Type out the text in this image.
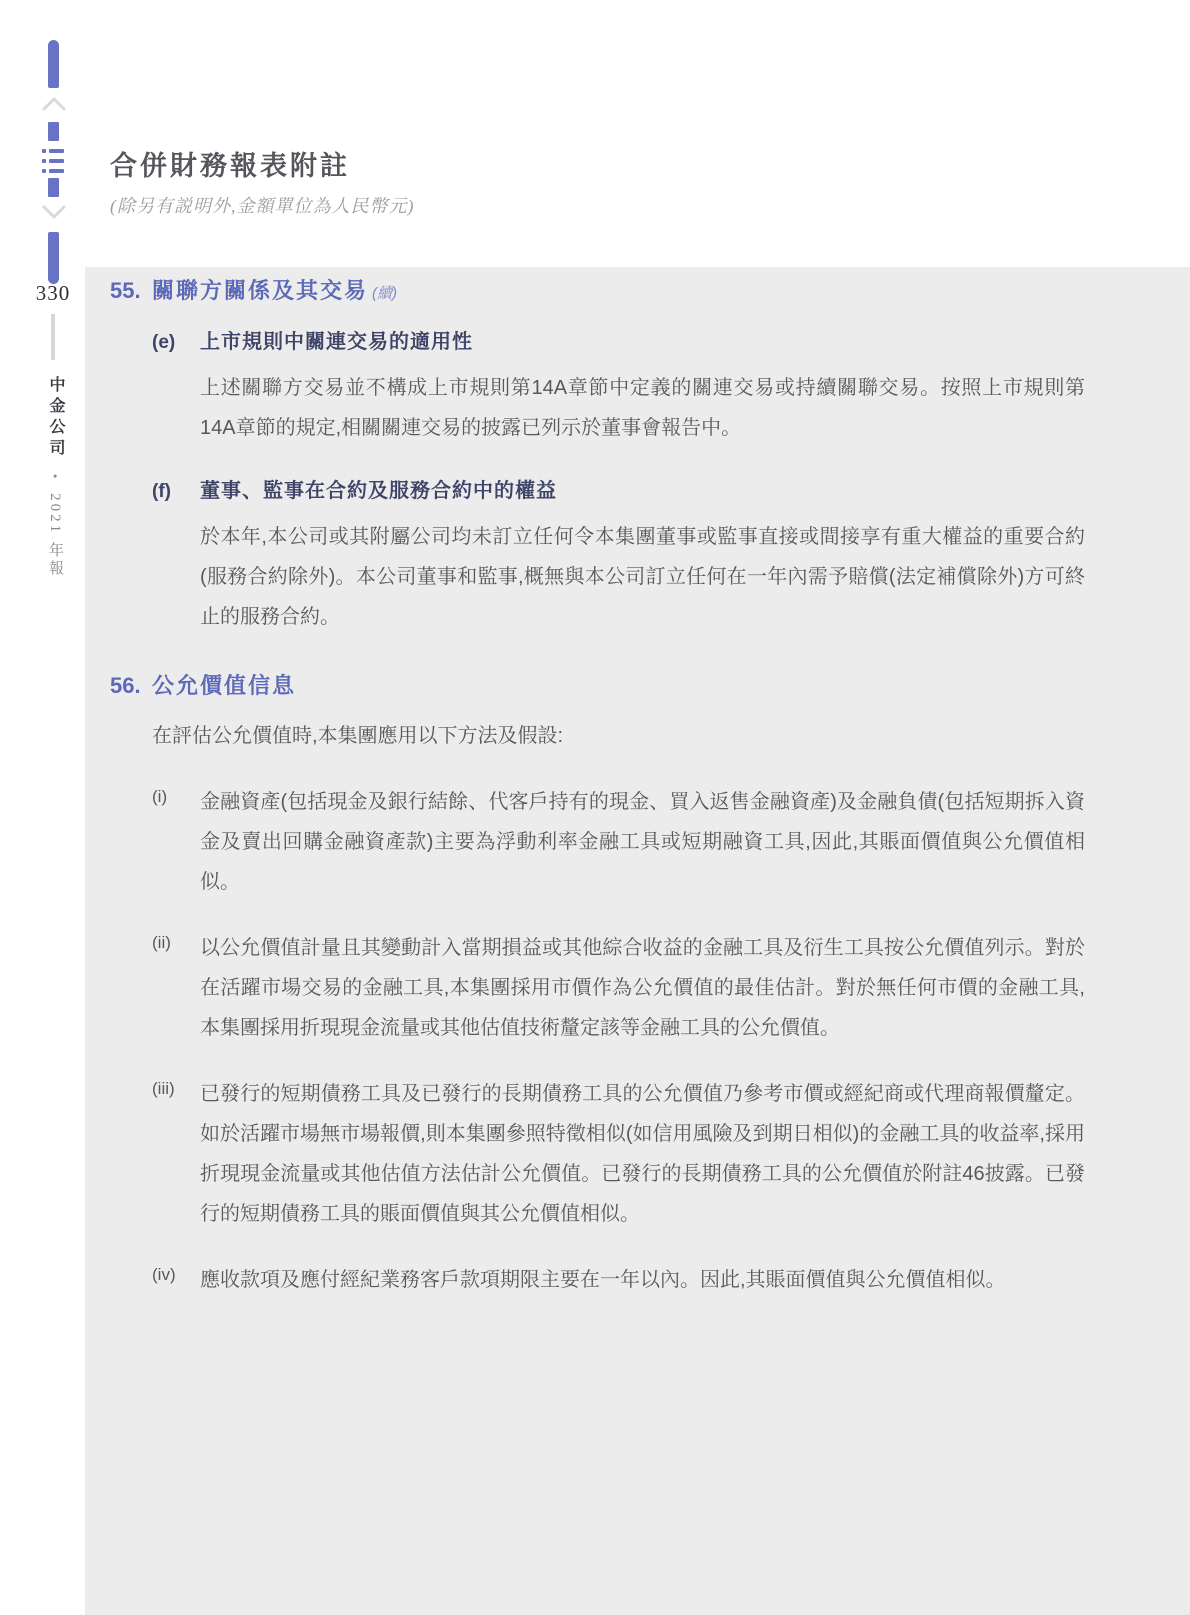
330
中金公司 • 2021 年報
合併財務報表附註

(除另有説明外,金額單位為人民幣元)

55. 關聯方關係及其交易 (續)
(e)	上市規則中關連交易的適用性

上述關聯方交易並不構成上市規則第14A章節中定義的關連交易或持續關聯交易。按照上市規則第14A章節的規定,相關關連交易的披露已列示於董事會報告中。

(f)	董事、監事在合約及服務合約中的權益

於本年,本公司或其附屬公司均未訂立任何令本集團董事或監事直接或間接享有重大權益的重要合約(服務合約除外)。本公司董事和監事,概無與本公司訂立任何在一年內需予賠償(法定補償除外)方可終止的服務合約。

56. 公允價值信息

在評估公允價值時,本集團應用以下方法及假設:

(i)	金融資產(包括現金及銀行結餘、代客戶持有的現金、買入返售金融資產)及金融負債(包括短期拆入資金及賣出回購金融資產款)主要為浮動利率金融工具或短期融資工具,因此,其賬面價值與公允價值相似。
(ii)	以公允價值計量且其變動計入當期損益或其他綜合收益的金融工具及衍生工具按公允價值列示。對於在活躍市場交易的金融工具,本集團採用市價作為公允價值的最佳估計。對於無任何市價的金融工具,本集團採用折現現金流量或其他估值技術釐定該等金融工具的公允價值。
(iii)	已發行的短期債務工具及已發行的長期債務工具的公允價值乃參考市價或經紀商或代理商報價釐定。如於活躍市場無市場報價,則本集團參照特徵相似(如信用風險及到期日相似)的金融工具的收益率,採用折現現金流量或其他估值方法估計公允價值。已發行的長期債務工具的公允價值於附註46披露。已發行的短期債務工具的賬面價值與其公允價值相似。
(iv)	應收款項及應付經紀業務客戶款項期限主要在一年以內。因此,其賬面價值與公允價值相似。
